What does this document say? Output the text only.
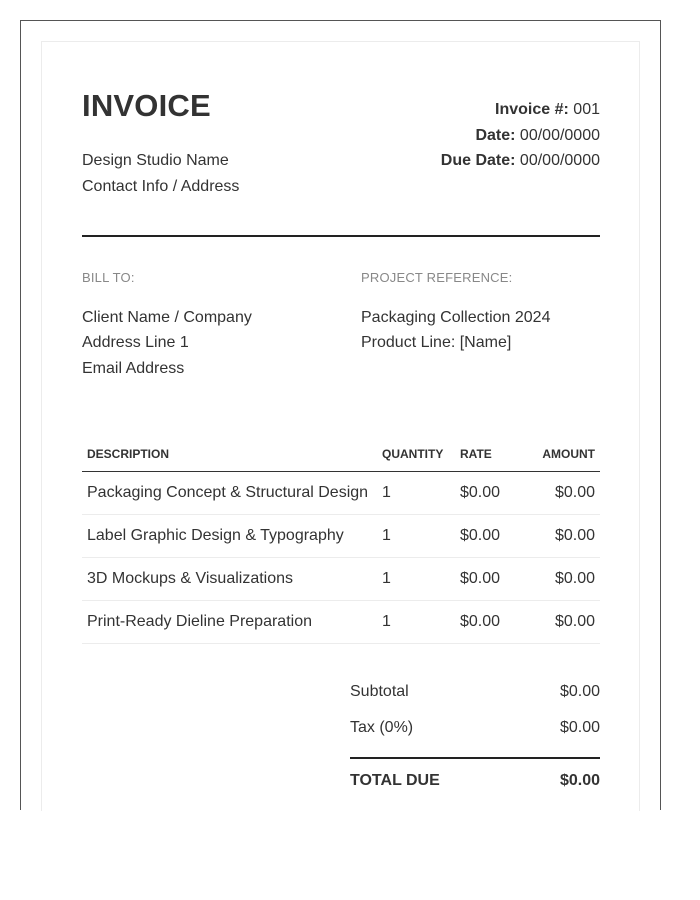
INVOICE
Design Studio Name
Contact Info / Address
Invoice #: 001
Date: 00/00/0000
Due Date: 00/00/0000
BILL TO:
Client Name / Company
Address Line 1
Email Address
PROJECT REFERENCE:
Packaging Collection 2024
Product Line: [Name]
DESCRIPTION	QUANTITY	RATE	AMOUNT
Packaging Concept & Structural Design	1	$0.00	$0.00
Label Graphic Design & Typography	1	$0.00	$0.00
3D Mockups & Visualizations	1	$0.00	$0.00
Print-Ready Dieline Preparation	1	$0.00	$0.00
Subtotal	$0.00
Tax (0%)	$0.00
TOTAL DUE	$0.00
